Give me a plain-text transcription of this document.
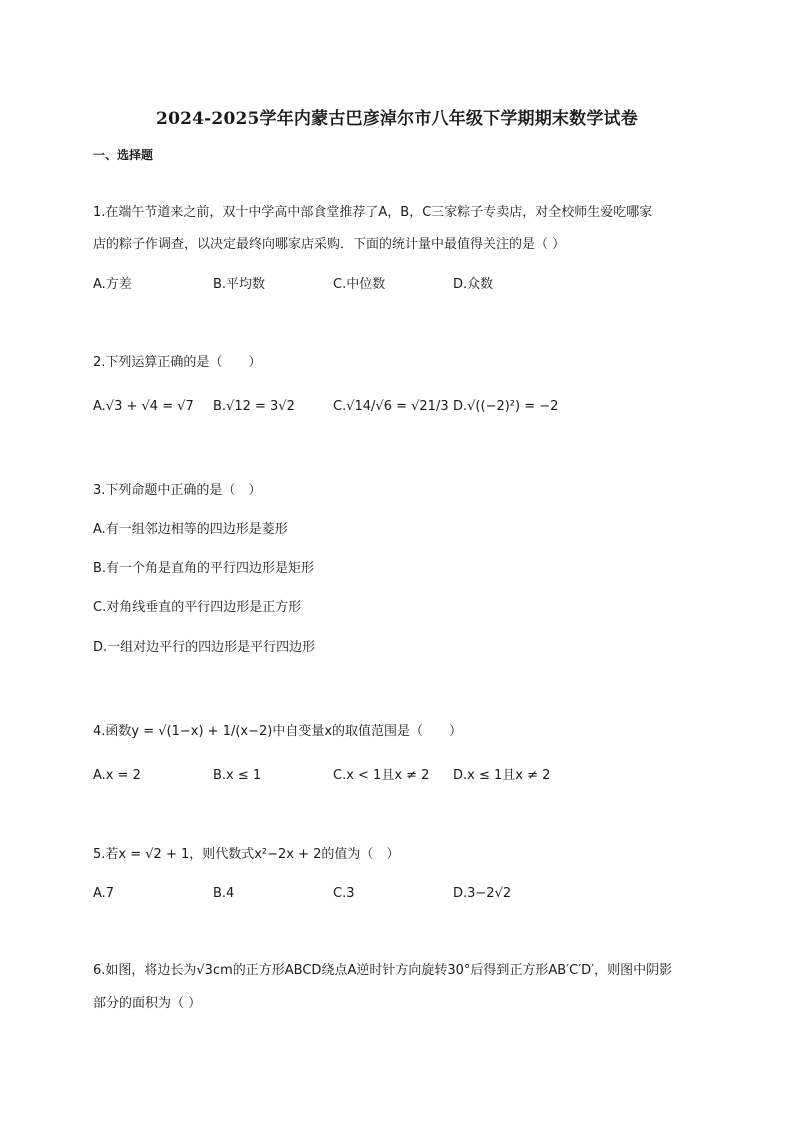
2024-2025学年内蒙古巴彦淖尔市八年级下学期期末数学试卷
一、选择题
1.在端午节道来之前，双十中学高中部食堂推荐了A，B，C三家粽子专卖店，对全校师生爱吃哪家
店的粽子作调查，以决定最终向哪家店采购．下面的统计量中最值得关注的是（ ）
A.方差	B.平均数	C.中位数	D.众数
2.下列运算正确的是（　　）
A.√3 + √4 = √7 B.√12 = 3√2	C.√14/√6 = √21/3 D.√((−2)²) = −2
3.下列命题中正确的是（　）
A.有一组邻边相等的四边形是菱形
B.有一个角是直角的平行四边形是矩形
C.对角线垂直的平行四边形是正方形
D.一组对边平行的四边形是平行四边形
4.函数y = √(1−x) + 1/(x−2)中自变量x的取值范围是（　　）
A.x = 2	B.x ≤ 1	C.x < 1且x ≠ 2 D.x ≤ 1且x ≠ 2
5.若x = √2 + 1，则代数式x²−2x + 2的值为（　）
A.7	B.4	C.3	D.3−2√2
6.如图，将边长为√3cm的正方形ABCD绕点A逆时针方向旋转30°后得到正方形AB′C′D′，则图中阴影
部分的面积为（ ）
